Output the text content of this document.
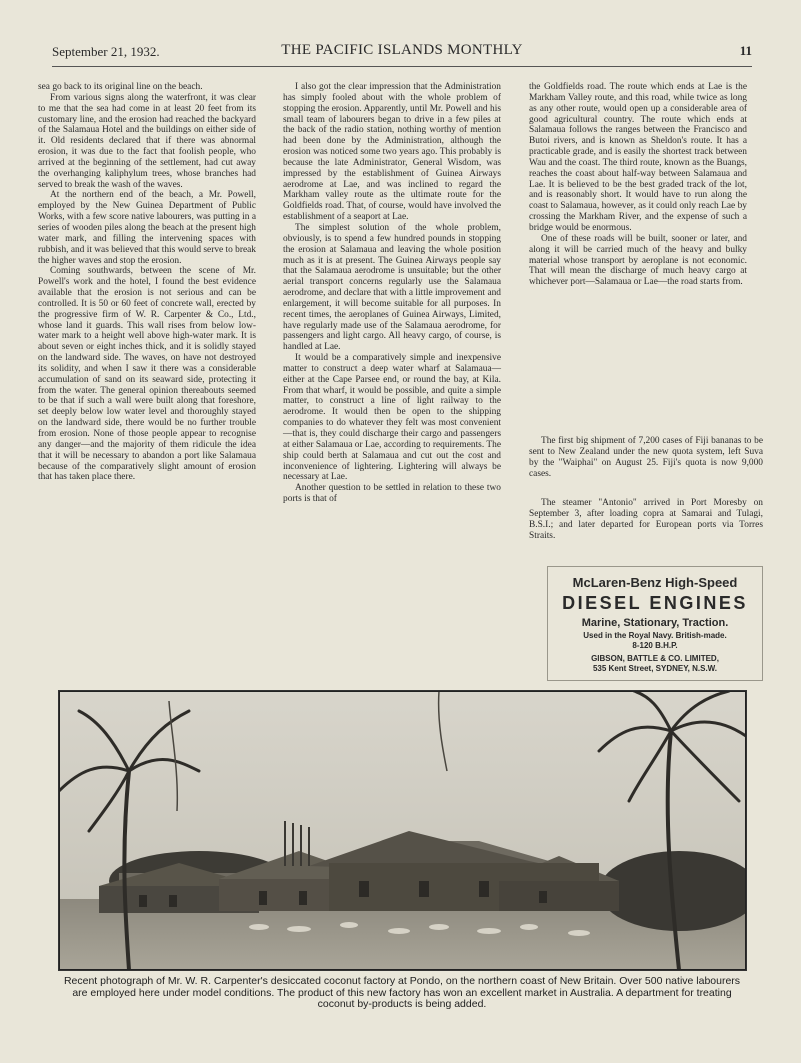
September 21, 1932.	THE PACIFIC ISLANDS MONTHLY	11

sea go back to its original line on the beach.

From various signs along the waterfront, it was clear to me that the sea had come in at least 20 feet from its customary line, and the erosion had reached the backyard of the Salamaua Hotel and the buildings on either side of it. Old residents declared that if there was abnormal erosion, it was due to the fact that foolish people, who arrived at the beginning of the settlement, had cut away the overhanging kaliphylum trees, whose branches had served to break the wash of the waves.

At the northern end of the beach, a Mr. Powell, employed by the New Guinea Department of Public Works, with a few score native labourers, was putting in a series of wooden piles along the beach at the present high water mark, and filling the intervening spaces with rubbish, and it was believed that this would serve to break the higher waves and stop the erosion.

Coming southwards, between the scene of Mr. Powell's work and the hotel, I found the best evidence available that the erosion is not serious and can be controlled. It is 50 or 60 feet of concrete wall, erected by the progressive firm of W. R. Carpenter & Co., Ltd., whose land it guards. This wall rises from below low-water mark to a height well above high-water mark. It is about seven or eight inches thick, and it is solidly stayed on the landward side. The waves, on have not destroyed its solidity, and when I saw it there was a considerable accumulation of sand on its seaward side, protecting it from the water. The general opinion thereabouts seemed to be that if such a wall were built along that foreshore, set deeply below low water level and thoroughly stayed on the landward side, there would be no further trouble from erosion. None of those people appear to recognise any danger—and the majority of them ridicule the idea that it will be necessary to abandon a port like Salamaua because of the comparatively slight amount of erosion that has taken place there.

I also got the clear impression that the Administration has simply fooled about with the whole problem of stopping the erosion. Apparently, until Mr. Powell and his small team of labourers began to drive in a few piles at the back of the radio station, nothing worthy of mention had been done by the Administration, although the erosion was noticed some two years ago. This probably is because the late Administrator, General Wisdom, was impressed by the establishment of Guinea Airways aerodrome at Lae, and was inclined to regard the Markham valley route as the ultimate route for the Goldfields road. That, of course, would have involved the establishment of a seaport at Lae.

The simplest solution of the whole problem, obviously, is to spend a few hundred pounds in stopping the erosion at Salamaua and leaving the whole position much as it is at present. The Guinea Airways people say that the Salamaua aerodrome is unsuitable; but the other aerial transport concerns regularly use the Salamaua aerodrome, and declare that with a little improvement and enlargement, it will become suitable for all purposes. In recent times, the aeroplanes of Guinea Airways, Limited, have regularly made use of the Salamaua aerodrome, for passengers and light cargo. All heavy cargo, of course, is handled at Lae.

It would be a comparatively simple and inexpensive matter to construct a deep water wharf at Salamaua—either at the Cape Parsee end, or round the bay, at Kila. From that wharf, it would be possible, and quite a simple matter, to construct a line of light railway to the aerodrome. It would then be open to the shipping companies to do whatever they felt was most convenient—that is, they could discharge their cargo and passengers at either Salamaua or Lae, according to requirements. The ship could berth at Salamaua and cut out the cost and inconvenience of lightering. Lightering will always be necessary at Lae.

Another question to be settled in relation to these two ports is that of

the Goldfields road. The route which ends at Lae is the Markham Valley route, and this road, while twice as long as any other route, would open up a considerable area of good agricultural country. The route which ends at Salamaua follows the ranges between the Francisco and Butoi rivers, and is known as Sheldon's route. It has a practicable grade, and is easily the shortest track between Wau and the coast. The third route, known as the Buangs, reaches the coast about half-way between Salamaua and Lae. It is believed to be the best graded track of the lot, and is reasonably short. It would have to run along the coast to Salamaua, however, as it could only reach Lae by crossing the Markham River, and the expense of such a bridge would be enormous.

One of these roads will be built, sooner or later, and along it will be carried much of the heavy and bulky material whose transport by aeroplane is not economic. That will mean the discharge of much heavy cargo at whichever port—Salamaua or Lae—the road starts from.

The first big shipment of 7,200 cases of Fiji bananas to be sent to New Zealand under the new quota system, left Suva by the "Waiphai" on August 25. Fiji's quota is now 9,000 cases.

The steamer "Antonio" arrived in Port Moresby on September 3, after loading copra at Samarai and Tulagi, B.S.I.; and later departed for European ports via Torres Straits.

McLaren-Benz High-Speed
DIESEL ENGINES
Marine, Stationary, Traction.
Used in the Royal Navy. British-made.
8-120 B.H.P.
GIBSON, BATTLE & CO. LIMITED,
535 Kent Street, SYDNEY, N.S.W.
Recent photograph of Mr. W. R. Carpenter's desiccated coconut factory at Pondo, on the northern coast of New Britain. Over 500 native labourers are employed here under model conditions. The product of this new factory has won an excellent market in Australia. A department for treating coconut by-products is being added.
